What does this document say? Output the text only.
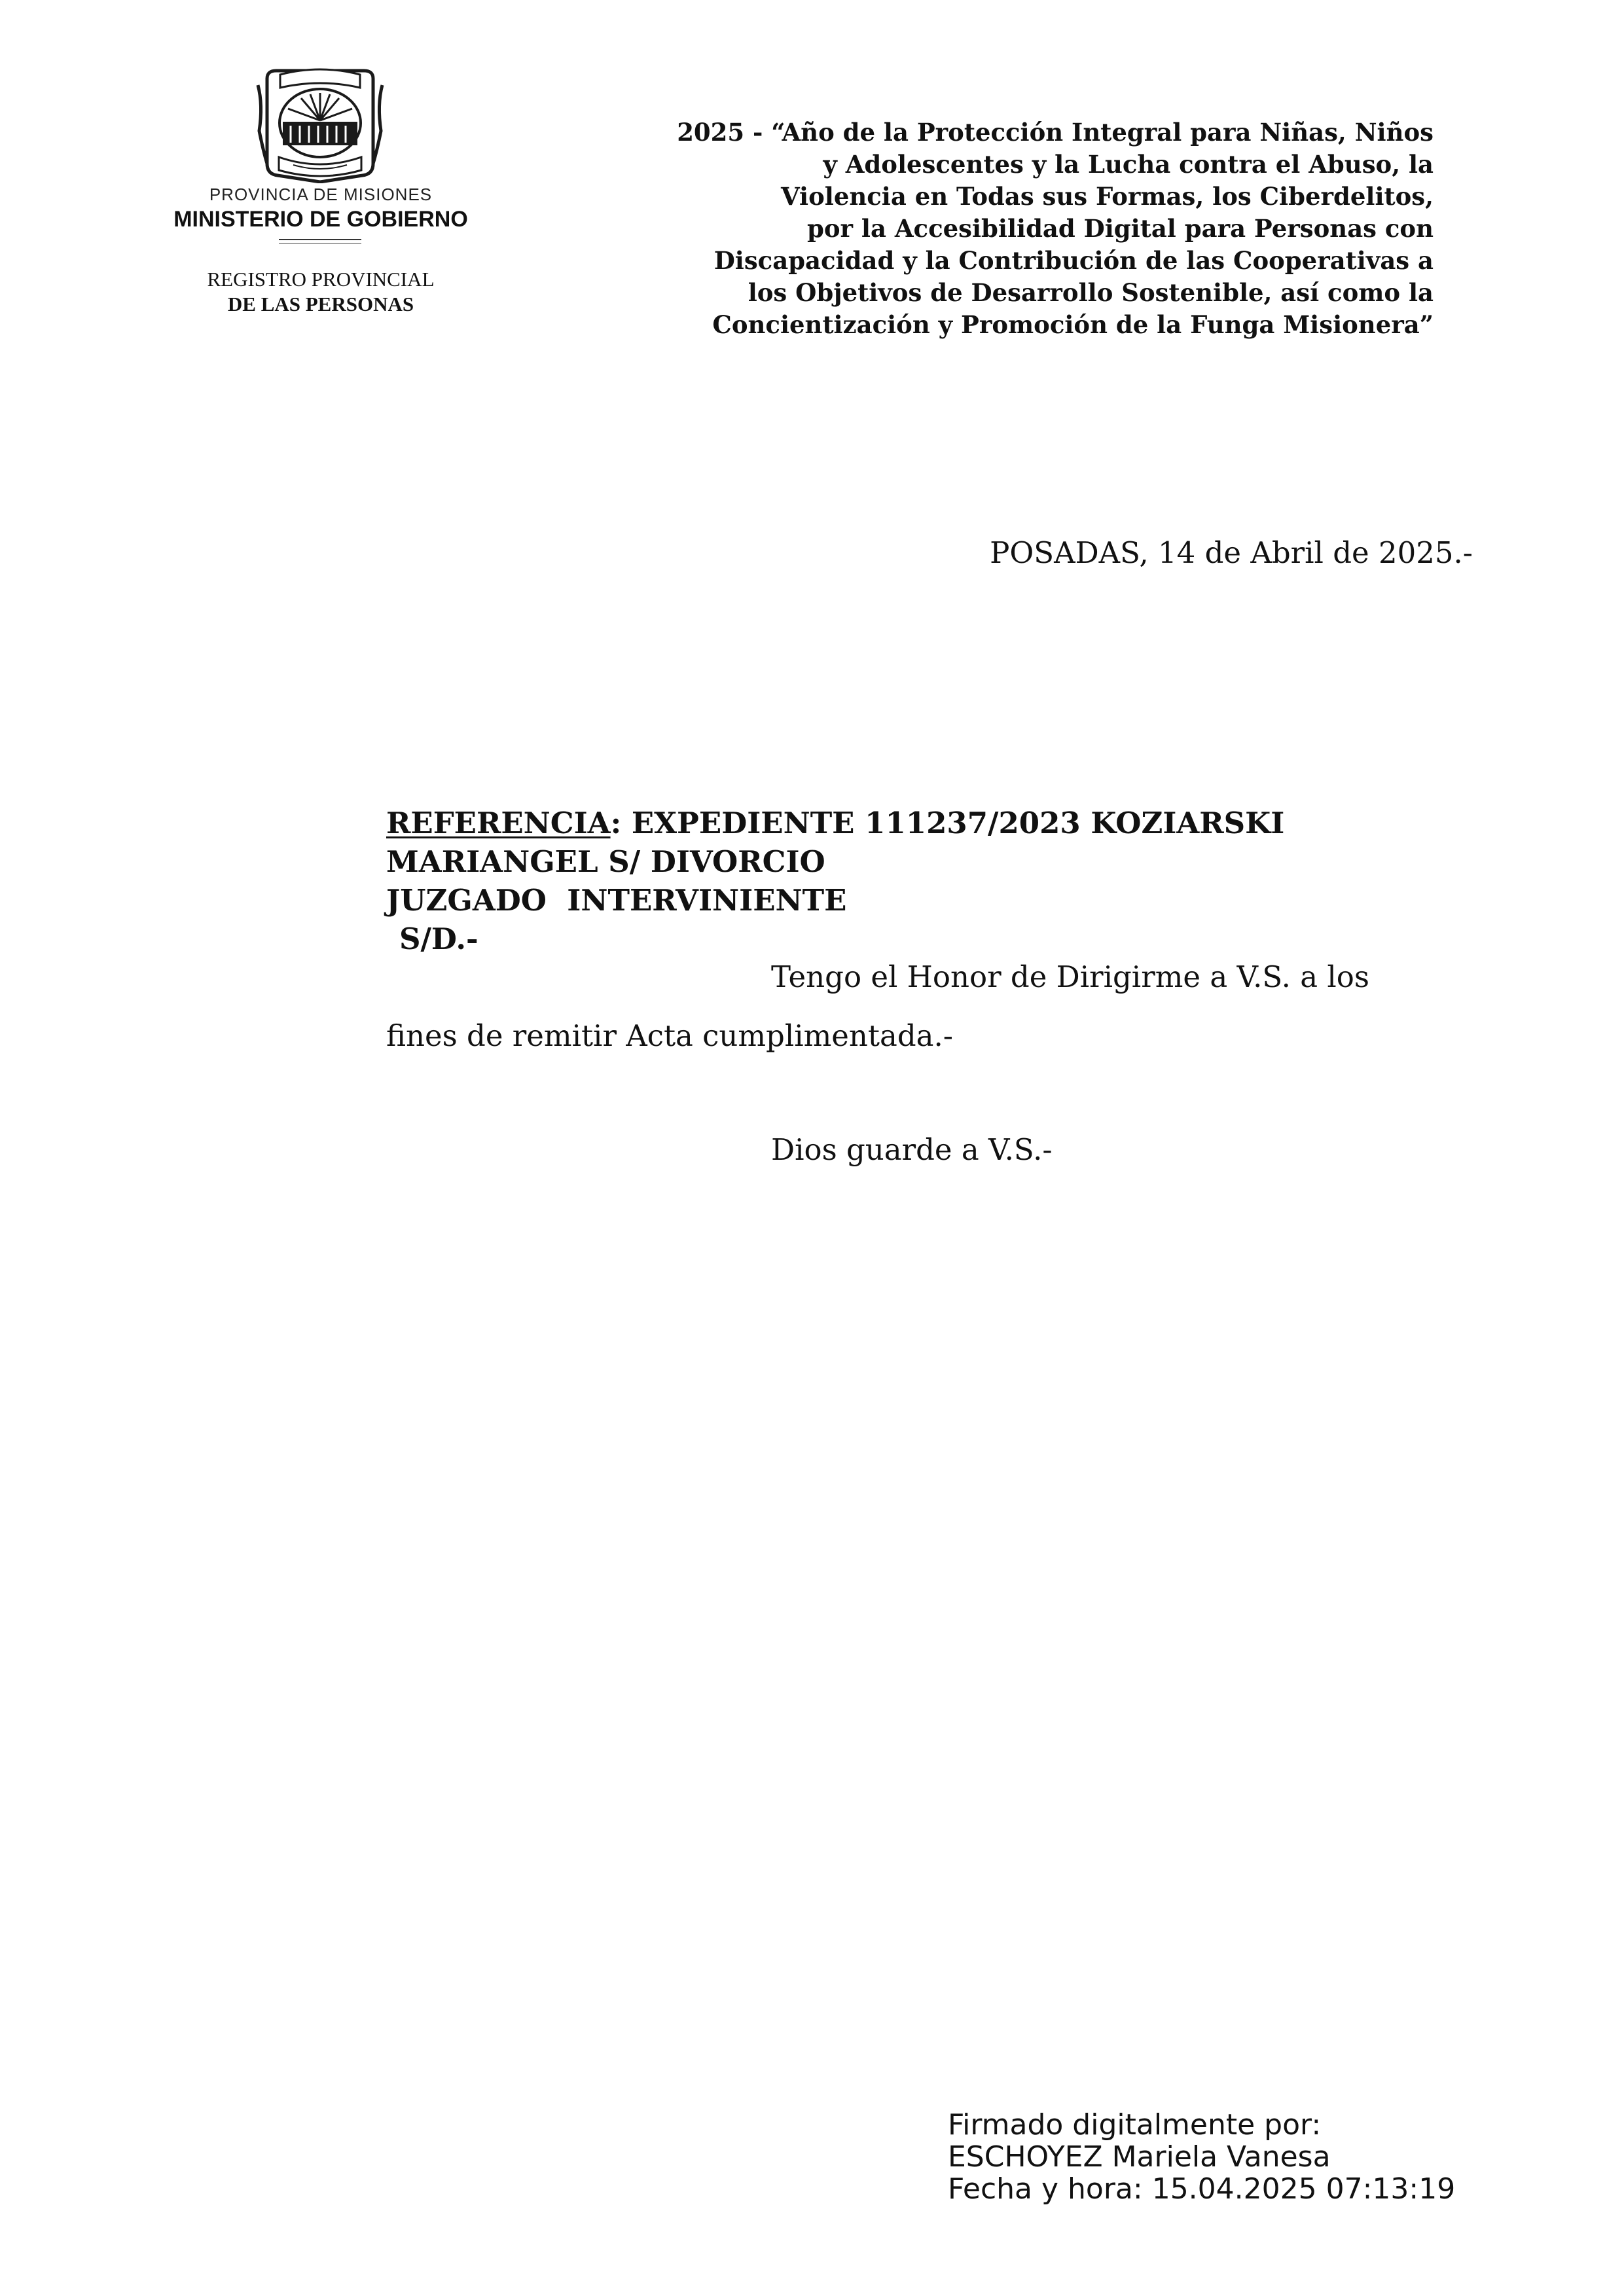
PROVINCIA DE MISIONES
MINISTERIO DE GOBIERNO
REGISTRO PROVINCIAL
DE LAS PERSONAS
2025 - “Año de la Protección Integral para Niñas, Niños
y Adolescentes y la Lucha contra el Abuso, la
Violencia en Todas sus Formas, los Ciberdelitos,
por la Accesibilidad Digital para Personas con
Discapacidad y la Contribución de las Cooperativas a
los Objetivos de Desarrollo Sostenible, así como la
Concientización y Promoción de la Funga Misionera”
POSADAS, 14 de Abril de 2025.-
REFERENCIA: EXPEDIENTE 111237/2023 KOZIARSKI
MARIANGEL S/ DIVORCIO
JUZGADO  INTERVINIENTE
S/D.-
Tengo el Honor de Dirigirme a V.S. a los
fines de remitir Acta cumplimentada.-
Dios guarde a V.S.-
Firmado digitalmente por:
ESCHOYEZ Mariela Vanesa
Fecha y hora: 15.04.2025 07:13:19
